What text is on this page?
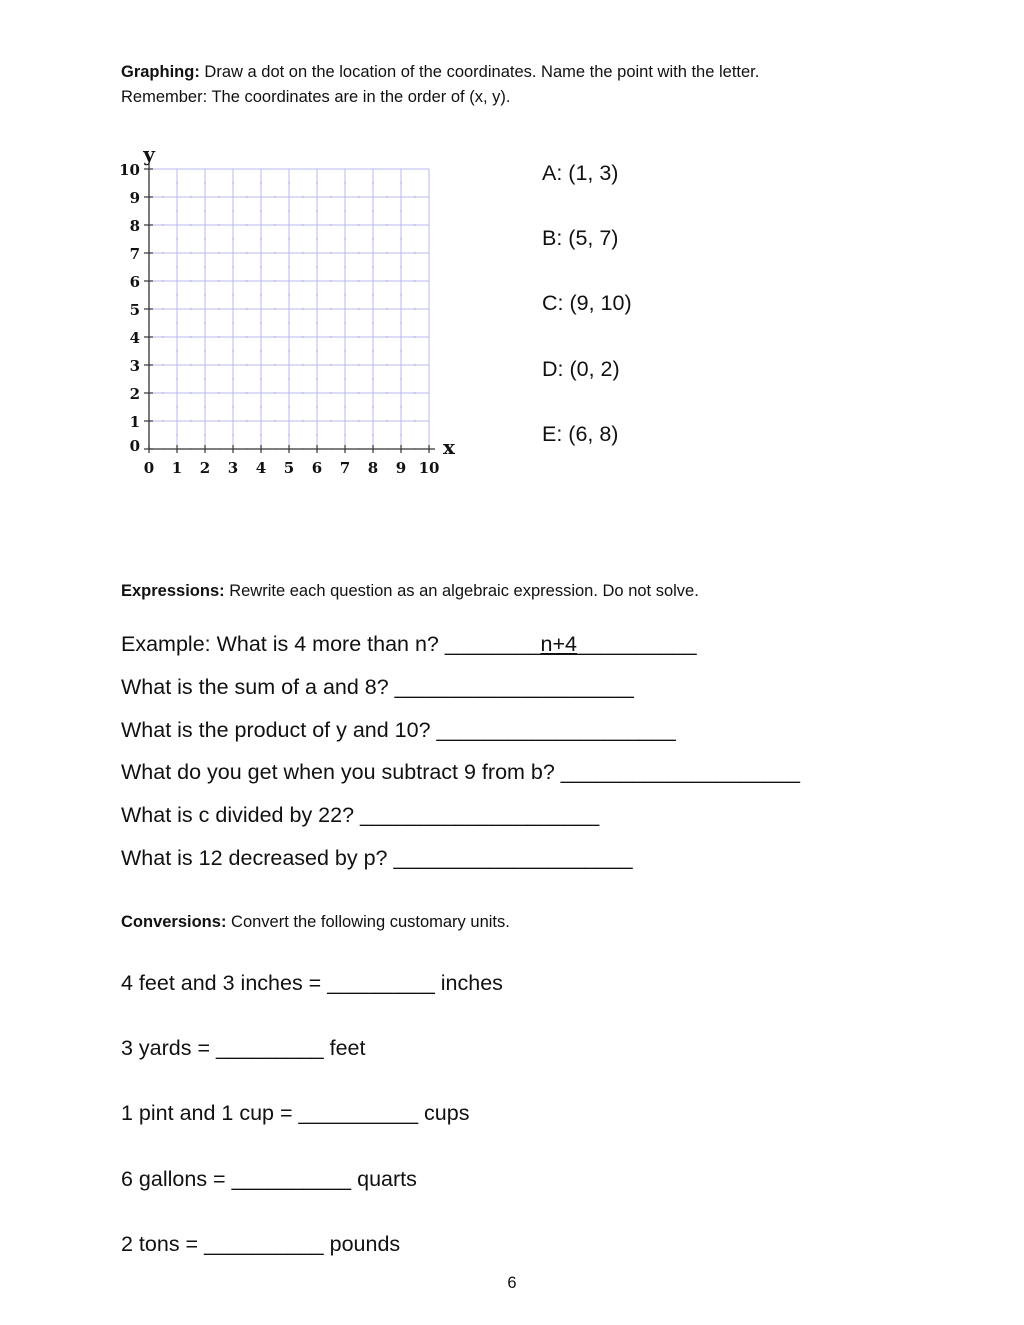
Graphing: Draw a dot on the location of the coordinates. Name the point with the letter.
Remember: The coordinates are in the order of (x, y).
0 1 2 3 4 5 6 7 8 9 10
0
1
2
3
4
5
6
7
8
9
10
x
y
A: (1, 3)
B: (5, 7)
C: (9, 10)
D: (0, 2)
E: (6, 8)
Expressions: Rewrite each question as an algebraic expression. Do not solve.
Example: What is 4 more than n? ________n+4__________
What is the sum of a and 8? ____________________
What is the product of y and 10? ____________________
What do you get when you subtract 9 from b? ____________________
What is c divided by 22? ____________________
What is 12 decreased by p? ____________________
Conversions: Convert the following customary units.
4 feet and 3 inches = _________ inches
3 yards = _________ feet
1 pint and 1 cup = __________ cups
6 gallons = __________ quarts
2 tons = __________ pounds
6
